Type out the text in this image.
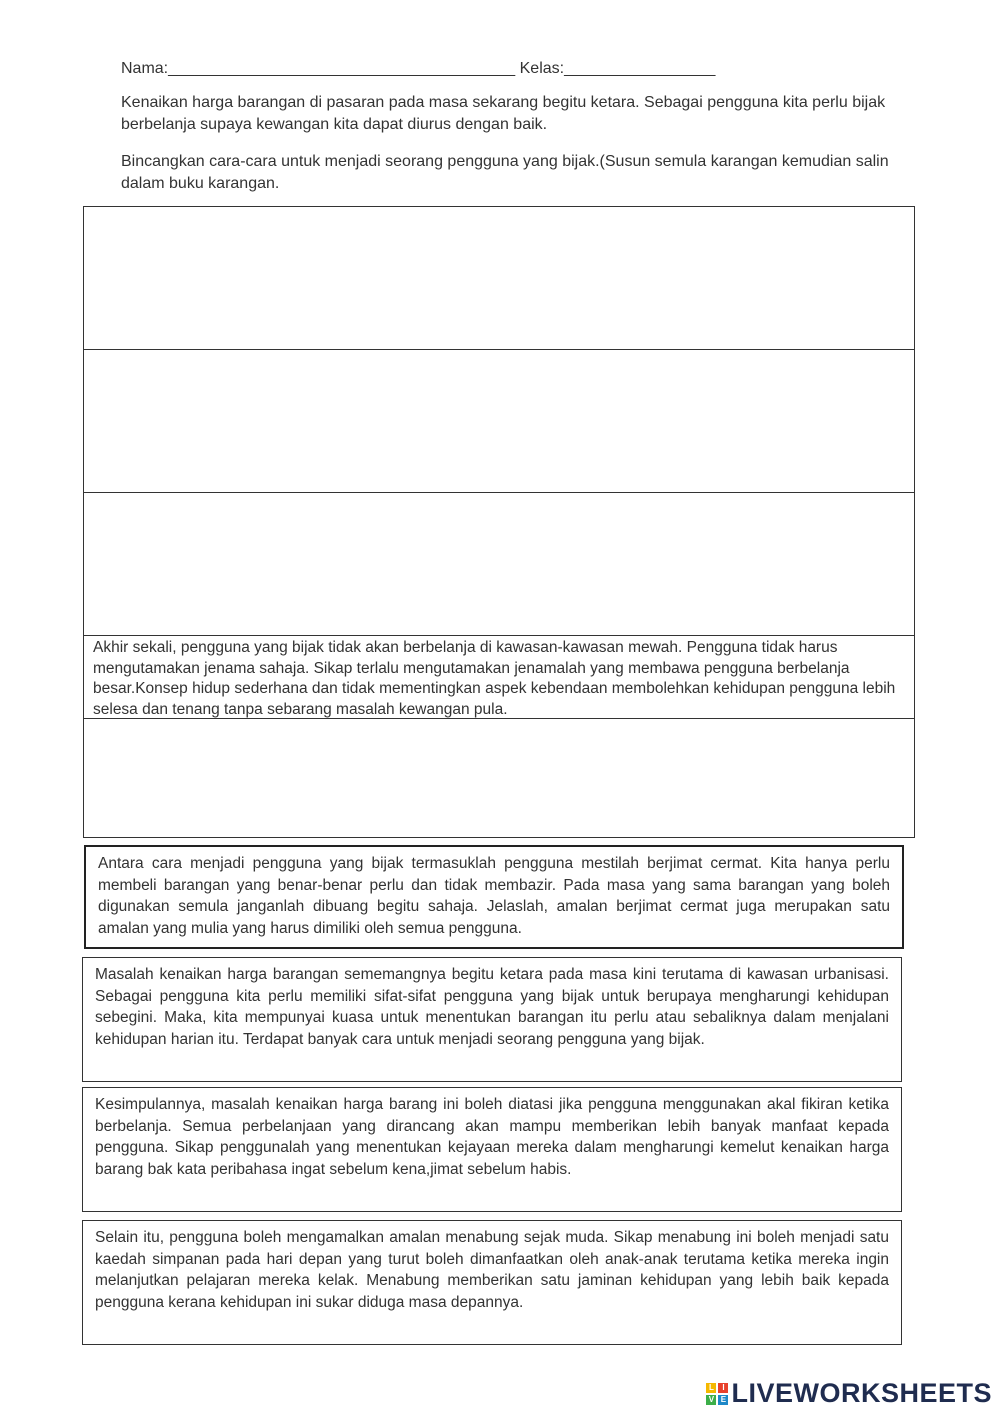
Nama:_______________________________________ Kelas:_________________
Kenaikan harga barangan di pasaran pada masa sekarang begitu ketara. Sebagai pengguna kita perlu bijak berbelanja supaya kewangan kita dapat diurus dengan baik.
Bincangkan cara-cara untuk menjadi seorang pengguna yang bijak.(Susun semula karangan kemudian salin dalam buku karangan.
Akhir sekali, pengguna yang bijak tidak akan berbelanja di kawasan-kawasan mewah. Pengguna tidak harus mengutamakan jenama sahaja. Sikap terlalu mengutamakan jenamalah yang membawa pengguna berbelanja besar.Konsep hidup sederhana dan tidak mementingkan aspek kebendaan membolehkan kehidupan pengguna lebih selesa dan tenang tanpa sebarang masalah kewangan pula.
Antara cara menjadi pengguna yang bijak termasuklah pengguna mestilah berjimat cermat. Kita hanya perlu membeli barangan yang benar-benar perlu dan tidak membazir. Pada masa yang sama barangan yang boleh digunakan semula janganlah dibuang begitu sahaja. Jelaslah, amalan berjimat cermat juga merupakan satu amalan yang mulia yang harus dimiliki oleh semua pengguna.
Masalah kenaikan harga barangan sememangnya begitu ketara pada masa kini terutama di kawasan urbanisasi. Sebagai pengguna kita perlu memiliki sifat-sifat pengguna yang bijak untuk berupaya mengharungi kehidupan sebegini. Maka, kita mempunyai kuasa untuk menentukan barangan itu perlu atau sebaliknya dalam menjalani kehidupan harian itu. Terdapat banyak cara untuk menjadi seorang pengguna yang bijak.
Kesimpulannya, masalah kenaikan harga barang ini boleh diatasi jika pengguna menggunakan akal fikiran ketika berbelanja. Semua perbelanjaan yang dirancang akan mampu memberikan lebih banyak manfaat kepada pengguna. Sikap penggunalah yang menentukan kejayaan mereka dalam mengharungi kemelut kenaikan harga barang bak kata peribahasa ingat sebelum kena,jimat sebelum habis.
Selain itu, pengguna boleh mengamalkan amalan menabung sejak muda. Sikap menabung ini boleh menjadi satu kaedah simpanan pada hari depan yang turut boleh dimanfaatkan oleh anak-anak terutama ketika mereka ingin melanjutkan pelajaran mereka kelak. Menabung memberikan satu jaminan kehidupan yang lebih baik kepada pengguna kerana kehidupan ini sukar diduga masa depannya.
L	I
V E LIVEWORKSHEETS
